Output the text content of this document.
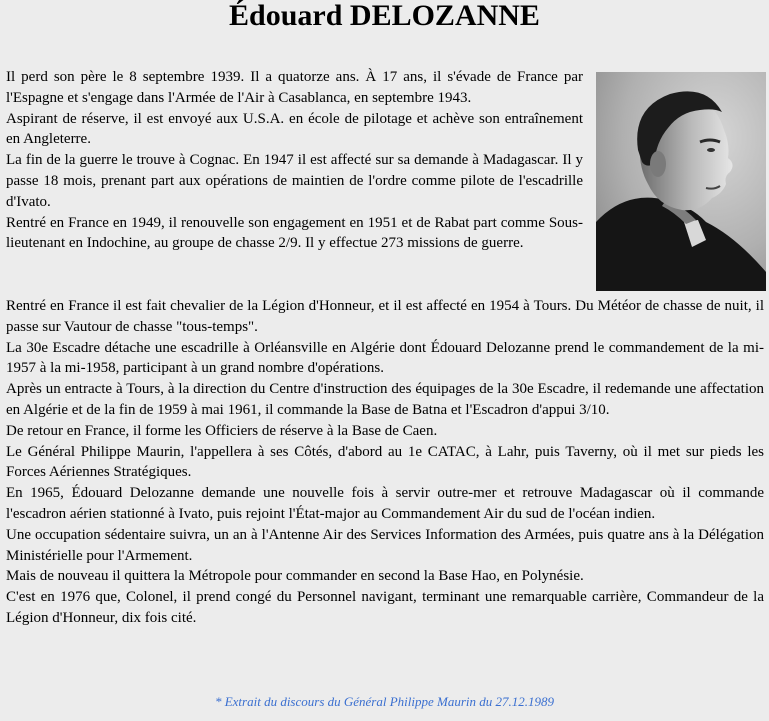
Édouard DELOZANNE

Il perd son père le 8 septembre 1939. Il a quatorze ans. À 17 ans, il s'évade de France par l'Espagne et s'engage dans l'Armée de l'Air à Casablanca, en septembre 1943.

Aspirant de réserve, il est envoyé aux U.S.A. en école de pilotage et achève son entraînement en Angleterre.

La fin de la guerre le trouve à Cognac. En 1947 il est affecté sur sa demande à Madagascar. Il y passe 18 mois, prenant part aux opérations de maintien de l'ordre comme pilote de l'escadrille d'Ivato.

Rentré en France en 1949, il renouvelle son engagement en 1951 et de Rabat part comme Sous-lieutenant en Indochine, au groupe de chasse 2/9. Il y effectue 273 missions de guerre.

Rentré en France il est fait chevalier de la Légion d'Honneur, et il est affecté en 1954 à Tours. Du Météor de chasse de nuit, il passe sur Vautour de chasse "tous-temps".

La 30e Escadre détache une escadrille à Orléansville en Algérie dont Édouard Delozanne prend le commandement de la mi-1957 à la mi-1958, participant à un grand nombre d'opérations.

Après un entracte à Tours, à la direction du Centre d'instruction des équipages de la 30e Escadre, il redemande une affectation en Algérie et de la fin de 1959 à mai 1961, il commande la Base de Batna et l'Escadron d'appui 3/10.

De retour en France, il forme les Officiers de réserve à la Base de Caen.

Le Général Philippe Maurin, l'appellera à ses Côtés, d'abord au 1e CATAC, à Lahr, puis Taverny, où il met sur pieds les Forces Aériennes Stratégiques.

En 1965, Édouard Delozanne demande une nouvelle fois à servir outre-mer et retrouve Madagascar où il commande l'escadron aérien stationné à Ivato, puis rejoint l'État-major au Commandement Air du sud de l'océan indien.

Une occupation sédentaire suivra, un an à l'Antenne Air des Services Information des Armées, puis quatre ans à la Délégation Ministérielle pour l'Armement.

Mais de nouveau il quittera la Métropole pour commander en second la Base Hao, en Polynésie.

C'est en 1976 que, Colonel, il prend congé du Personnel navigant, terminant une remarquable carrière, Commandeur de la Légion d'Honneur, dix fois cité.

* Extrait du discours du Général Philippe Maurin du 27.12.1989
